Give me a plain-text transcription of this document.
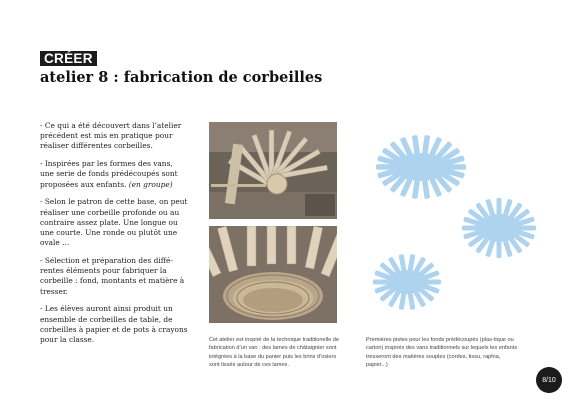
CRÉER
atelier 8 : fabrication de corbeilles

- Ce qui a été découvert dans l’atelier précédent est mis en pratique pour réaliser différentes corbeilles.

- Inspirées par les formes des vans, une serie de fonds prédécoupés sont proposées aux enfants. (en groupe)

- Selon le patron de cette base, on peut réaliser une corbeille profonde ou au contraire assez plate. Une longue ou une courte. Une ronde ou plutôt une ovale ...

- Sélection et préparation des diffé-rentes éléments pour fabriquer la corbeille : fond, montants et matière à tresser.

- Les élèves auront ainsi produit un ensemble de corbeilles de table, de corbeilles à papier et de pots à crayons pour la classe.	Cet atelier est inspiré de la technique traditionelle de fabrication d’un van : des lames de châtaignier sont intégrées à la base du panier puis les brins d’osiers sont tissés autour de ces lames.
Premières pistes pour les fonds prédécoupés (plas-tique ou carton) inspirés des vans traditionnels sur lequels les enfants tresseront des matières souples (cordes, tissu, raphia, papier...)
8/10
